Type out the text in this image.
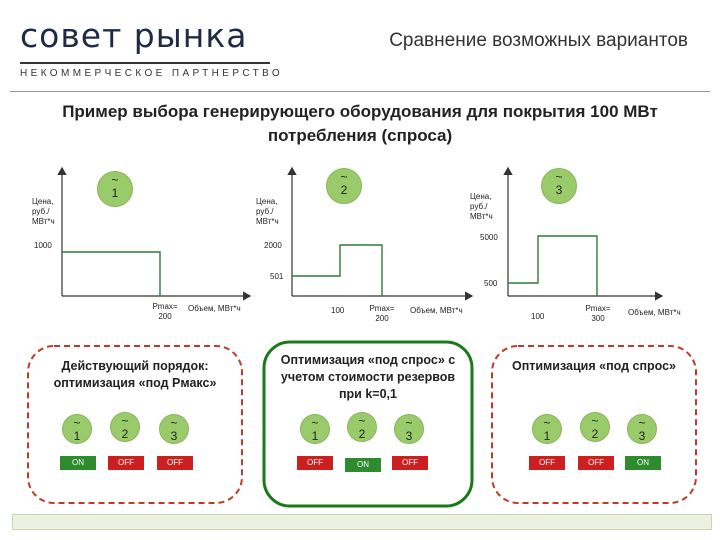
совет рынка
НЕКОММЕРЧЕСКОЕ ПАРТНЕРСТВО
Сравнение возможных вариантов
Пример выбора генерирующего оборудования для покрытия 100 МВт потребления (спроса)
~
1
Цена, руб./ МВт*ч
1000
Pmax= 200
Объем, МВт*ч
~
2
Цена, руб./ МВт*ч
2000
501
100	Pmax= 200
Объем, МВт*ч
~
3
Цена, руб./ МВт*ч
5000
500
100
Pmax= 300
Объем, МВт*ч
Действующий порядок: оптимизация «под Рмакс»
~
1
~
2
~
3
ON	OFF	OFF
Оптимизация «под спрос» с учетом стоимости резервов при k=0,1
~
1
~
2
~
3
OFF	ON	OFF
Оптимизация «под спрос»
~
1
~
2
~
3
OFF	OFF	ON
